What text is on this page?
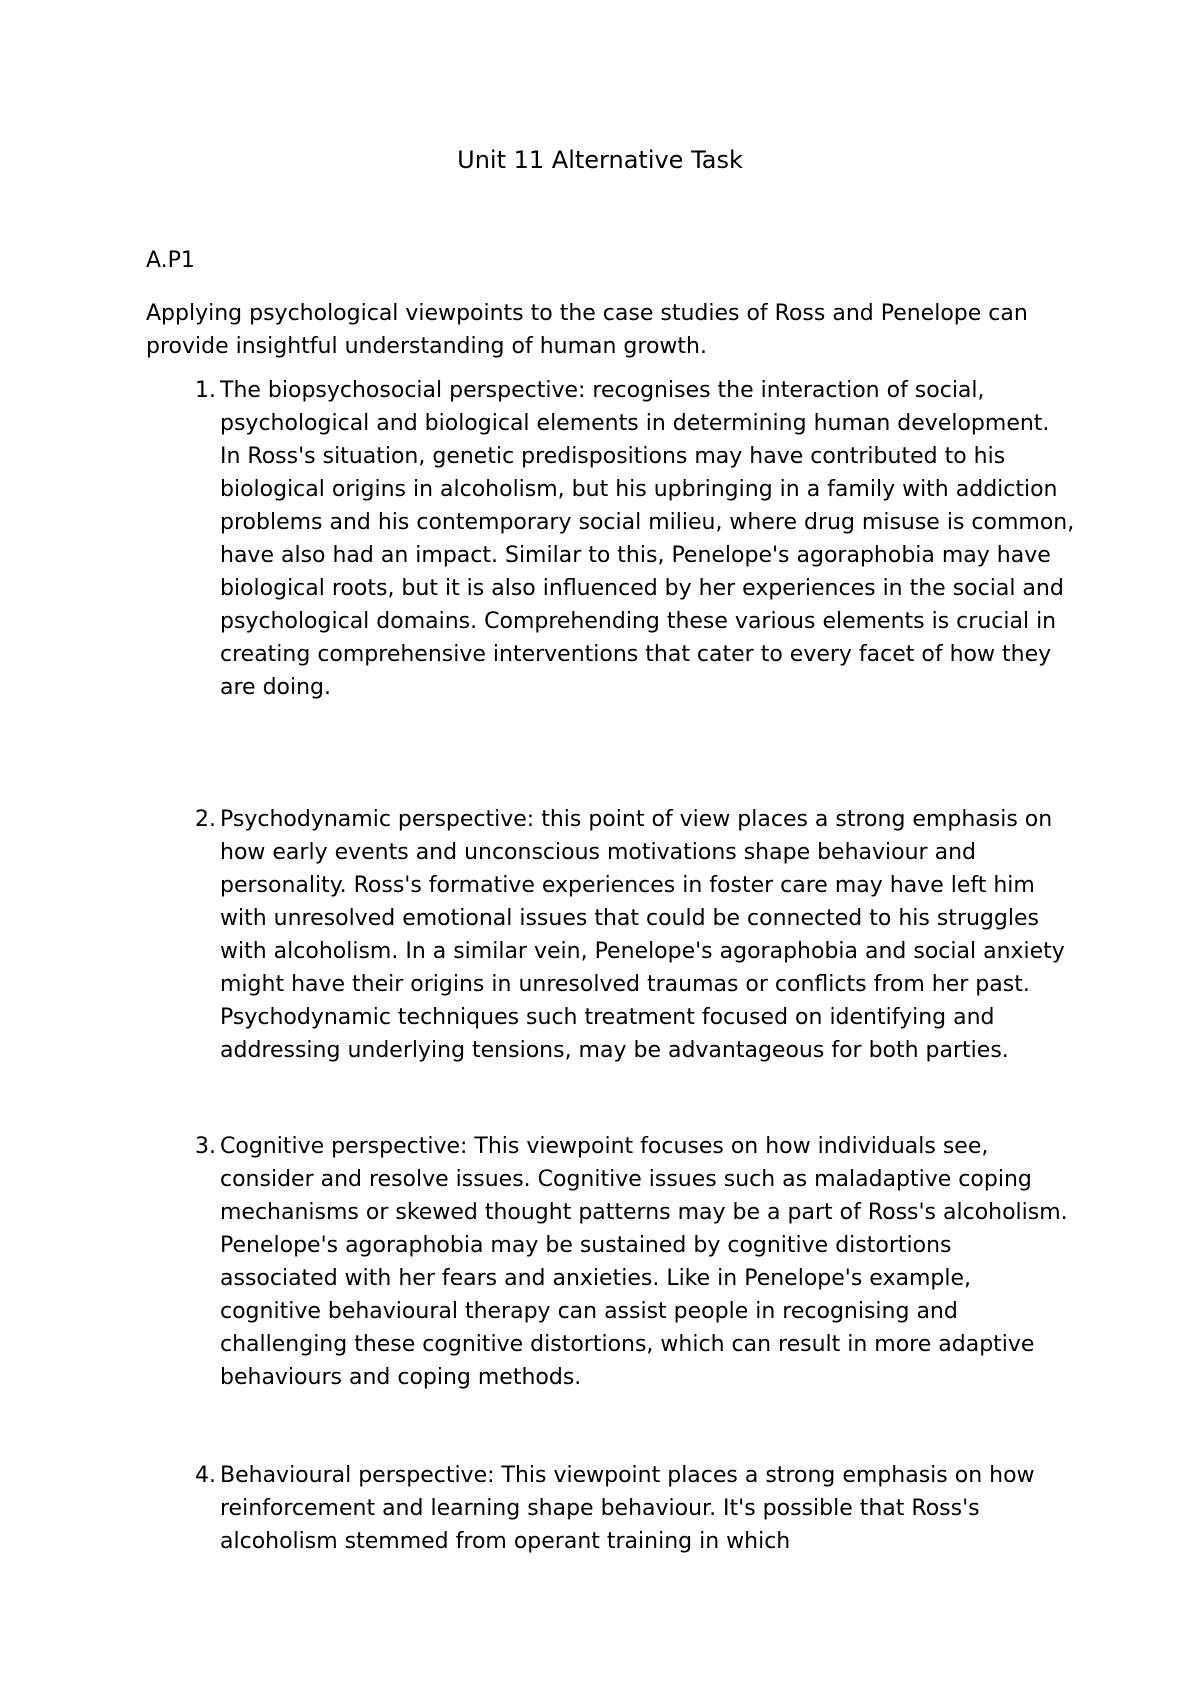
Unit 11 Alternative Task
A.P1

Applying psychological viewpoints to the case studies of Ross and Penelope can provide insightful understanding of human growth.

1. The biopsychosocial perspective: recognises the interaction of social, psychological and biological elements in determining human development. In Ross's situation, genetic predispositions may have contributed to his biological origins in alcoholism, but his upbringing in a family with addiction problems and his contemporary social milieu, where drug misuse is common, have also had an impact. Similar to this, Penelope's agoraphobia may have biological roots, but it is also influenced by her experiences in the social and psychological domains. Comprehending these various elements is crucial in creating comprehensive interventions that cater to every facet of how they are doing.
2. Psychodynamic perspective: this point of view places a strong emphasis on how early events and unconscious motivations shape behaviour and personality. Ross's formative experiences in foster care may have left him with unresolved emotional issues that could be connected to his struggles with alcoholism. In a similar vein, Penelope's agoraphobia and social anxiety might have their origins in unresolved traumas or conflicts from her past. Psychodynamic techniques such treatment focused on identifying and addressing underlying tensions, may be advantageous for both parties.
3. Cognitive perspective: This viewpoint focuses on how individuals see, consider and resolve issues. Cognitive issues such as maladaptive coping mechanisms or skewed thought patterns may be a part of Ross's alcoholism. Penelope's agoraphobia may be sustained by cognitive distortions associated with her fears and anxieties. Like in Penelope's example, cognitive behavioural therapy can assist people in recognising and challenging these cognitive distortions, which can result in more adaptive behaviours and coping methods.
4. Behavioural perspective: This viewpoint places a strong emphasis on how reinforcement and learning shape behaviour. It's possible that Ross's alcoholism stemmed from operant training in which
